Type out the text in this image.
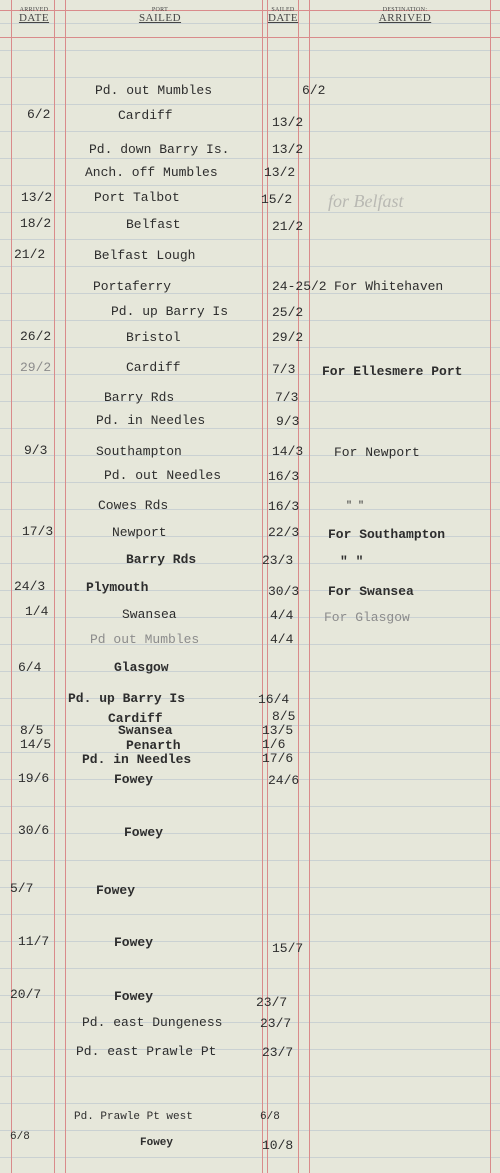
ARRIVED
DATE
PORT
SAILED
SAILED
DATE
DESTINATION:
ARRIVED
for Belfast
6/2
13/2
18/2
21/2
26/2
29/2
9/3
17/3
24/3
1/4
6/4
8/5
14/5
19/6
30/6
5/7
11/7
20/7
6/8
Pd. out Mumbles
Cardiff
Pd. down Barry Is.
Anch. off Mumbles
Port Talbot
Belfast
Belfast Lough
Portaferry
Pd. up Barry Is
Bristol
Cardiff
Barry Rds
Pd. in Needles
Southampton
Pd. out Needles
Cowes Rds
Newport
Barry Rds
Plymouth
Swansea
Pd out Mumbles
Glasgow
Pd. up Barry Is
Cardiff
Swansea
Penarth
Pd. in Needles
Fowey
Fowey
Fowey
Fowey
Fowey
Pd. east Dungeness
Pd. east Prawle Pt
Pd. Prawle Pt west
Fowey
6/2
13/2
13/2
13/2
15/2
21/2
24-25/2
25/2
29/2
7/3
7/3
9/3
14/3
16/3
16/3
22/3
23/3
30/3
4/4
4/4
16/4
8/5
13/5
1/6
17/6
24/6
15/7
23/7
23/7
23/7
6/8
10/8
For Whitehaven
For Ellesmere Port
For Newport
" "
For Southampton
" "
For Swansea
For Glasgow
